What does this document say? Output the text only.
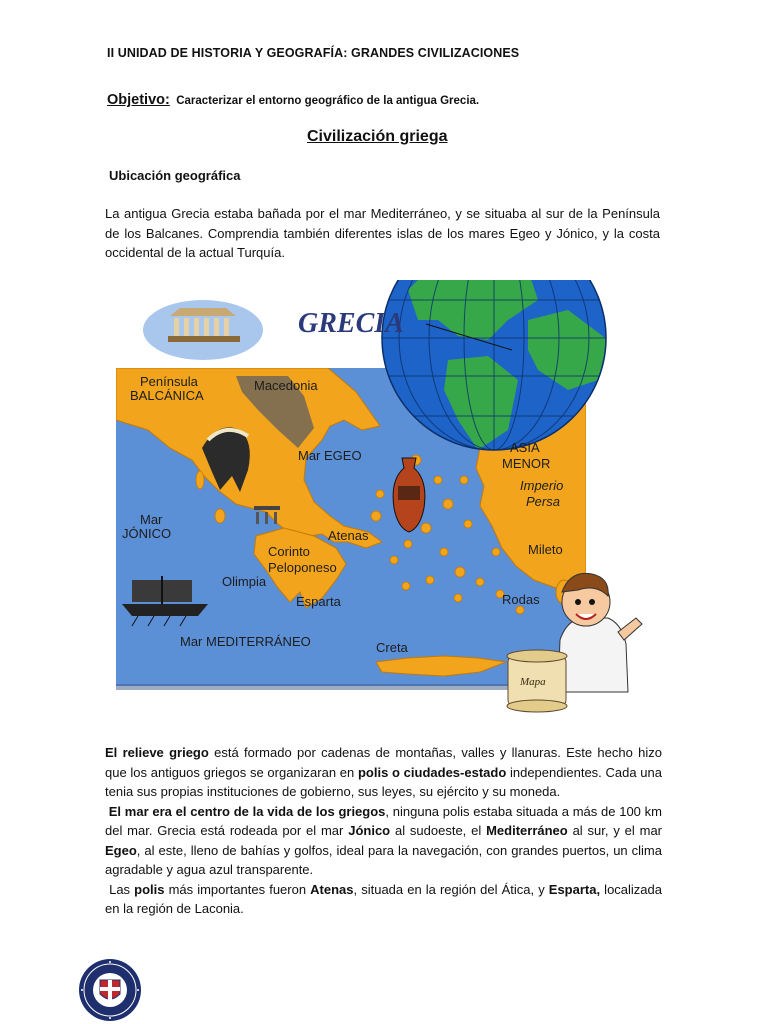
II UNIDAD DE HISTORIA Y GEOGRAFÍA: GRANDES CIVILIZACIONES
Objetivo: Caracterizar el entorno geográfico de la antigua Grecia.
Civilización griega
Ubicación geográfica
La antigua Grecia estaba bañada por el mar Mediterráneo, y se situaba al sur de la Península de los Balcanes. Comprendia también diferentes islas de los mares Egeo y Jónico, y la costa occidental de la actual Turquía.
GRECIA
Península
BALCÁNICA
Macedonia
Mar EGEO
ASIA
MENOR
Imperio
Persa
Mar
JÓNICO	Atenas
Corinto
Peloponeso
Olimpia
Esparta
Mileto
Rodas
Mar MEDITERRÁNEO	Creta
Mapa
El relieve griego está formado por cadenas de montañas, valles y llanuras. Este hecho hizo que los antiguos griegos se organizaran en polis o ciudades-estado independientes. Cada una tenia sus propias instituciones de gobierno, sus leyes, su ejército y su moneda.
El mar era el centro de la vida de los griegos, ninguna polis estaba situada a más de 100 km del mar. Grecia está rodeada por el mar Jónico al sudoeste, el Mediterráneo al sur, y el mar Egeo, al este, lleno de bahías y golfos, ideal para la navegación, con grandes puertos, un clima agradable y agua azul transparente.
Las polis más importantes fueron Atenas, situada en la región del Ática, y Esparta, localizada en la región de Laconia.
